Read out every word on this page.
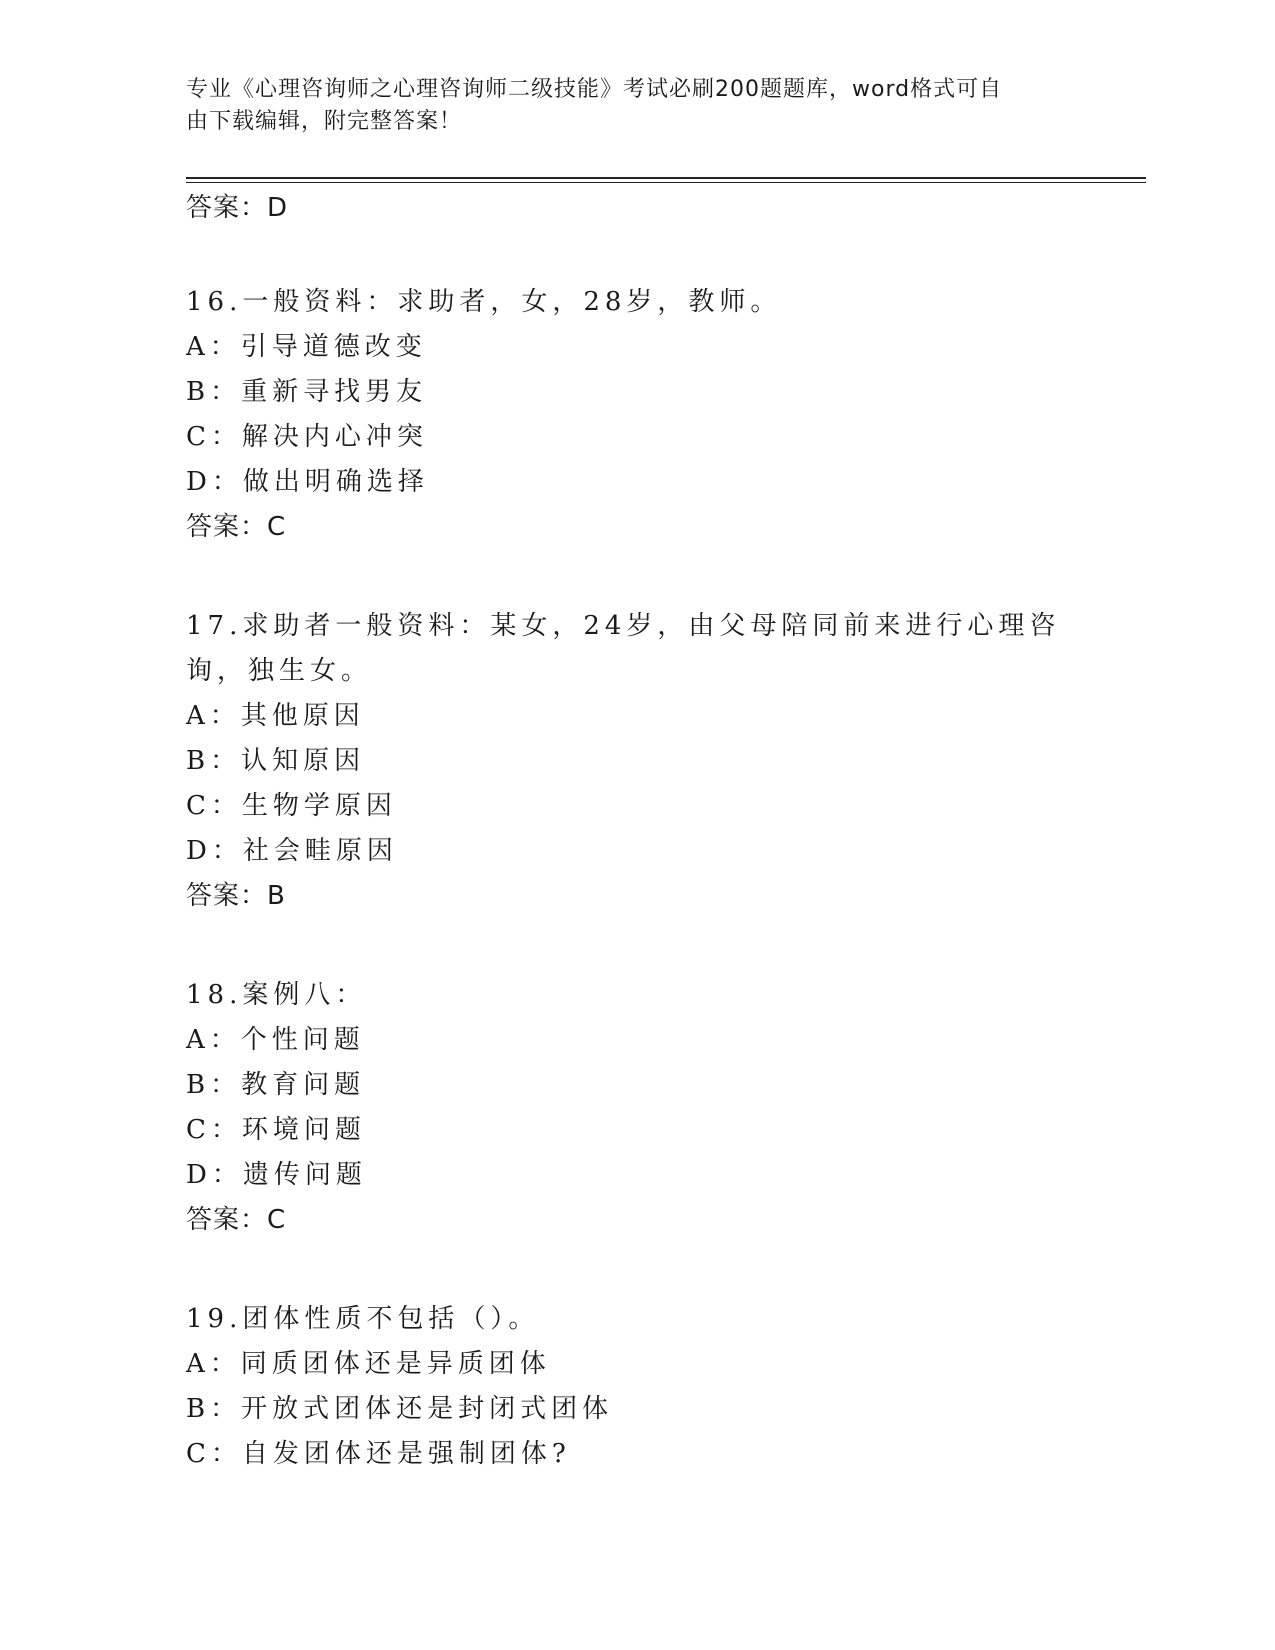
专业《心理咨询师之心理咨询师二级技能》考试必刷200题题库，word格式可自
由下载编辑，附完整答案！
答案：D
16.一般资料：求助者，女，28岁，教师。
A：引导道德改变
B：重新寻找男友
C：解决内心冲突
D：做出明确选择
答案：C
17.求助者一般资料：某女，24岁，由父母陪同前来进行心理咨询，独生女。
A：其他原因
B：认知原因
C：生物学原因
D：社会畦原因
答案：B
18.案例八：
A：个性问题
B：教育问题
C：环境问题
D：遗传问题
答案：C
19.团体性质不包括（）。
A：同质团体还是异质团体
B：开放式团体还是封闭式团体
C：自发团体还是强制团体?
